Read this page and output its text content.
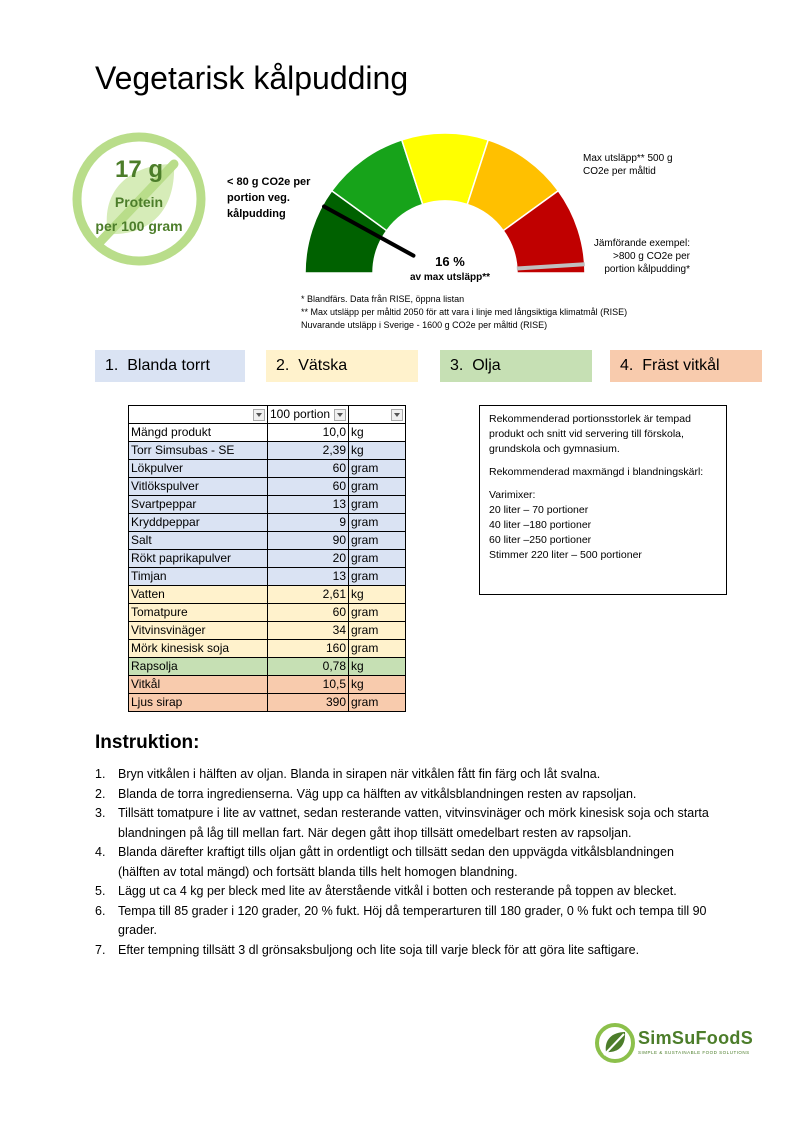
Vegetarisk kålpudding
17 g
Protein
per 100 gram
< 80 g CO2e per portion veg. kålpudding
Max utsläpp** 500 g CO2e per måltid
Jämförande exempel: >800 g CO2e per portion kålpudding*
16 %
av max utsläpp**
* Blandfärs. Data från RISE, öppna listan
** Max utsläpp per måltid 2050 för att vara i linje med långsiktiga klimatmål (RISE)
Nuvarande utsläpp i Sverige - 1600 g CO2e per måltid (RISE)
1. Blanda torrt	2. Vätska	3. Olja	4. Fräst vitkål

	100 portion	

Mängd produkt	10,0	kg
Torr Simsubas - SE	2,39	kg
Lökpulver	60	gram
Vitlökspulver	60	gram
Svartpeppar	13	gram
Kryddpeppar	9	gram
Salt	90	gram
Rökt paprikapulver	20	gram
Timjan	13	gram
Vatten	2,61	kg
Tomatpure	60	gram
Vitvinsvinäger	34	gram
Mörk kinesisk soja	160	gram
Rapsolja	0,78	kg
Vitkål	10,5	kg
Ljus sirap	390	gram

Rekommenderad portionsstorlek är tempad produkt och snitt vid servering till förskola, grundskola och gymnasium.

Rekommenderad maxmängd i blandningskärl:

Varimixer:
20 liter – 70 portioner
40 liter –180 portioner
60 liter –250 portioner
Stimmer 220 liter – 500 portioner
Instruktion:
1. Bryn vitkålen i hälften av oljan. Blanda in sirapen när vitkålen fått fin färg och låt svalna.
2. Blanda de torra ingredienserna. Väg upp ca hälften av vitkålsblandningen resten av rapsoljan.
3. Tillsätt tomatpure i lite av vattnet, sedan resterande vatten, vitvinsvinäger och mörk kinesisk soja och starta blandningen på låg till mellan fart. När degen gått ihop tillsätt omedelbart resten av rapsoljan.
4. Blanda därefter kraftigt tills oljan gått in ordentligt och tillsätt sedan den uppvägda vitkålsblandningen (hälften av total mängd) och fortsätt blanda tills helt homogen blandning.
5. Lägg ut ca 4 kg per bleck med lite av återstående vitkål i botten och resterande på toppen av blecket.
6. Tempa till 85 grader i 120 grader, 20 % fukt. Höj då temperarturen till 180 grader, 0 % fukt och tempa till 90 grader.
7. Efter tempning tillsätt 3 dl grönsaksbuljong och lite soja till varje bleck för att göra lite saftigare.
SimSuFoodS
SIMPLE & SUSTAINABLE FOOD SOLUTIONS
